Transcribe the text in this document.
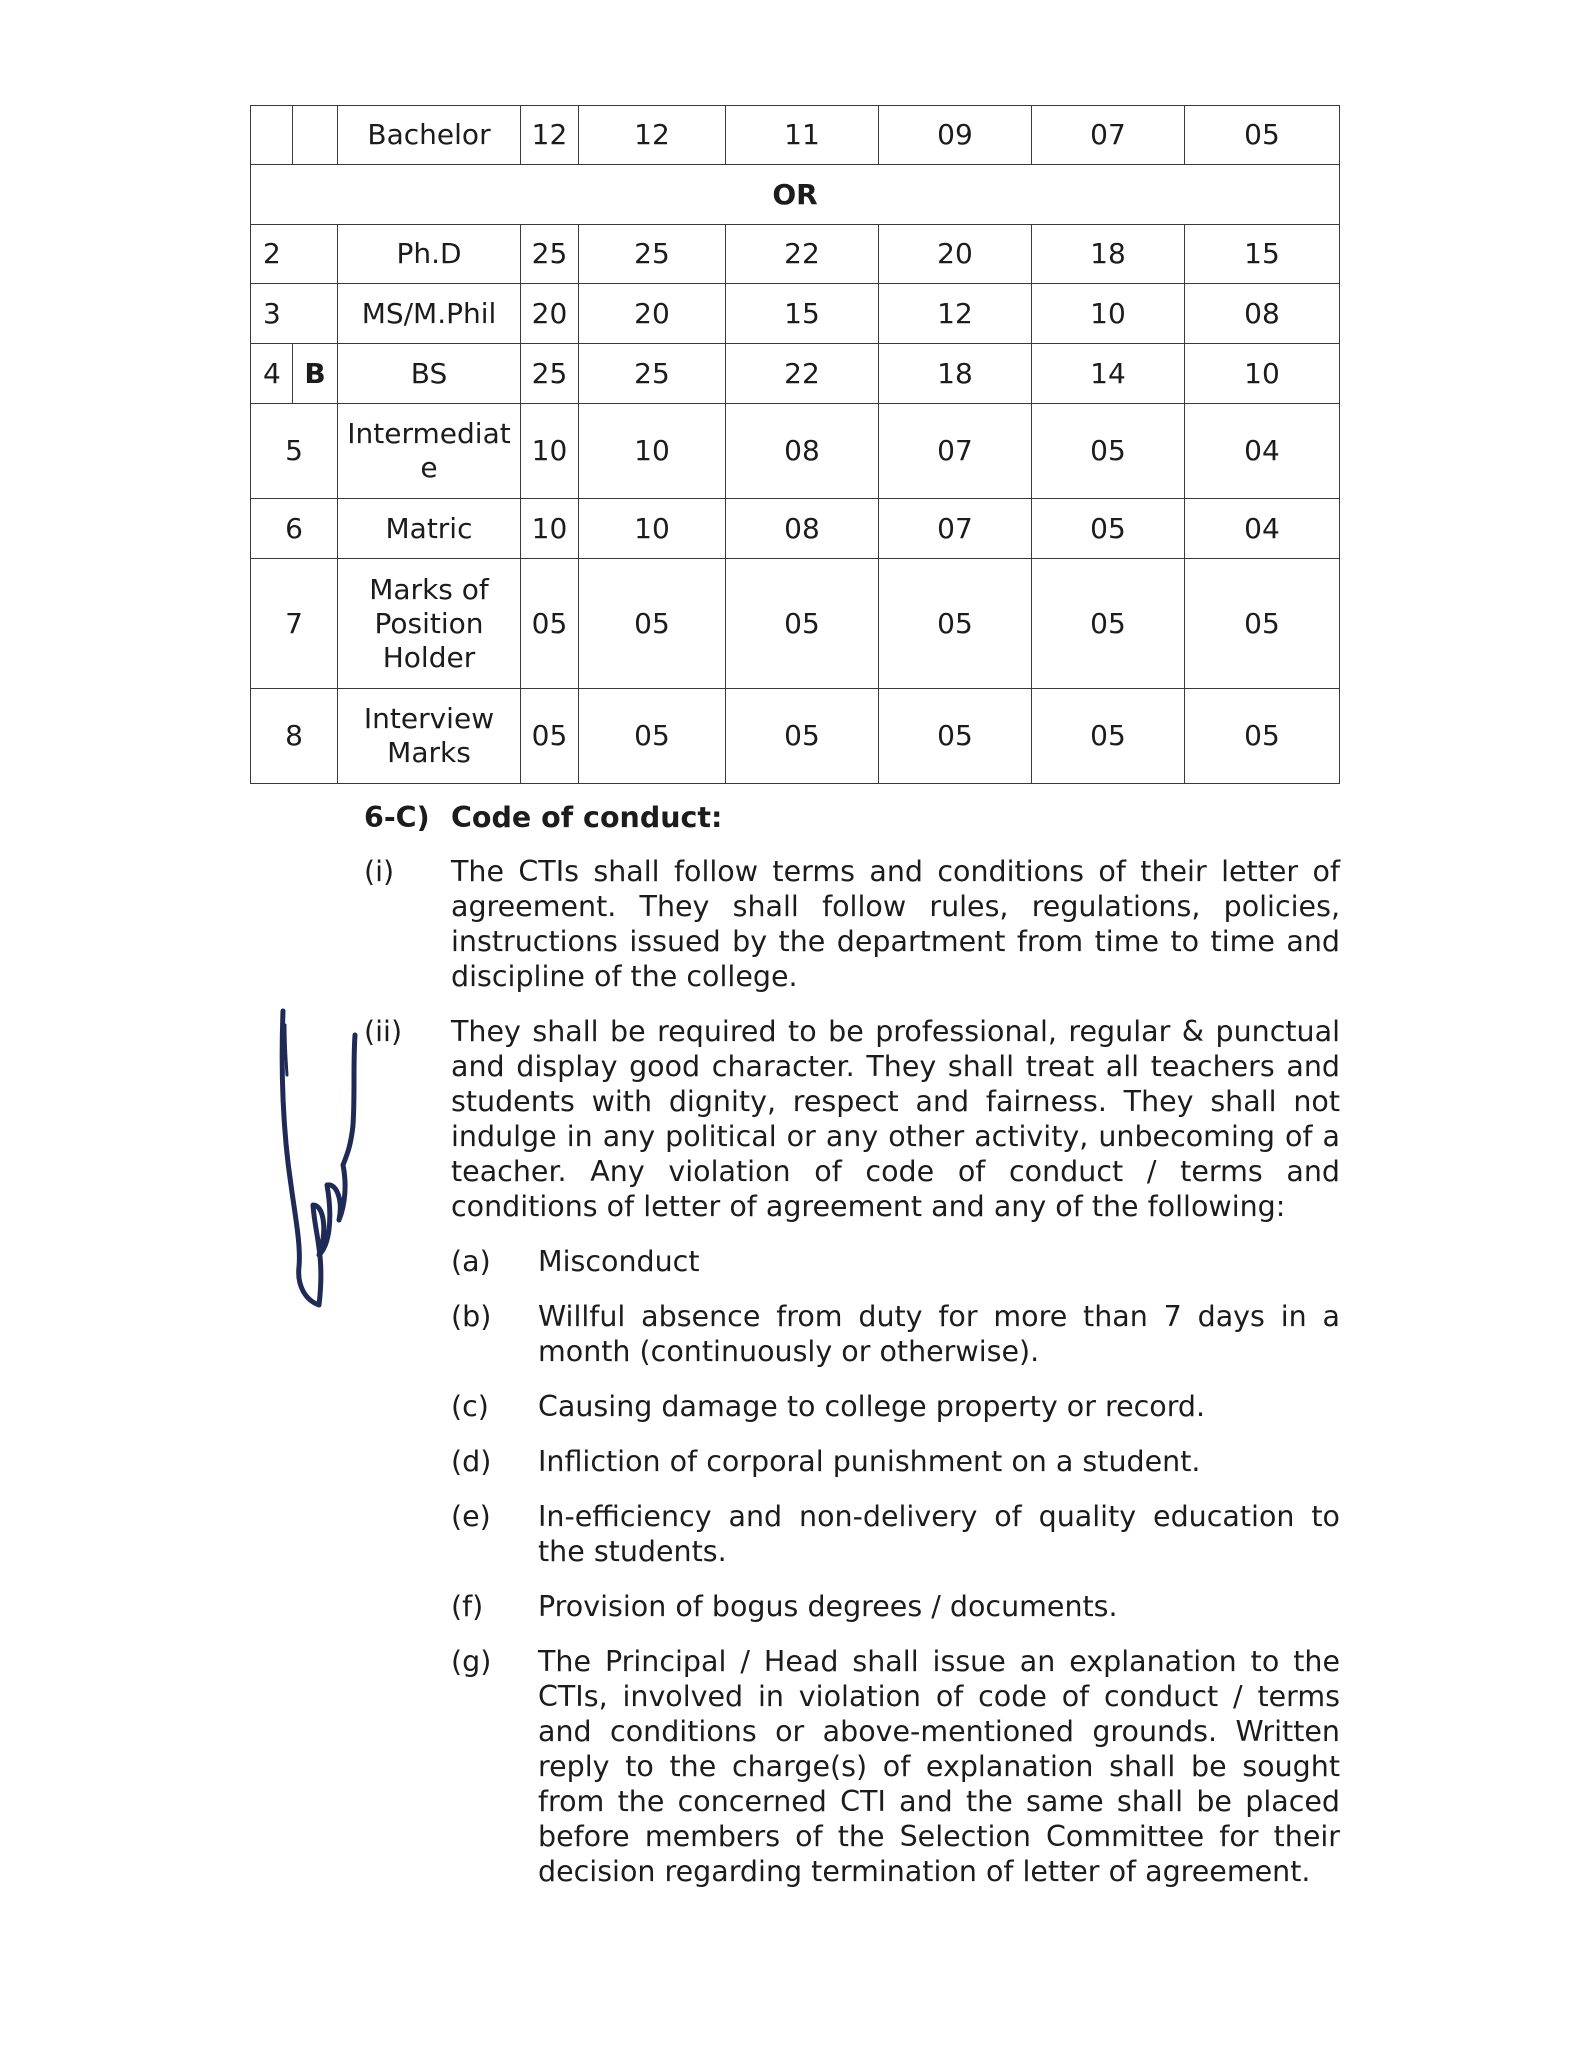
		Bachelor	12	12	11	09	07	05
OR								
2		Ph.D	25	25	22	20	18	15
3		MS/M.Phil	20	20	15	12	10	08
4	B	BS	25	25	22	18	14	10
5		Intermediat e	10	10	08	07	05	04
6		Matric	10	10	08	07	05	04
7		Marks of Position Holder	05	05	05	05	05	05
8		Interview Marks	05	05	05	05	05	05
6-C) Code of conduct:
(i)	The CTIs shall follow terms and conditions of their letter of agreement. They shall follow rules, regulations, policies, instructions issued by the department from time to time and discipline of the college.
(ii)	They shall be required to be professional, regular & punctual and display good character. They shall treat all teachers and students with dignity, respect and fairness. They shall not indulge in any political or any other activity, unbecoming of a teacher. Any violation of code of conduct / terms and conditions of letter of agreement and any of the following:
(a)	Misconduct
(b)	Willful absence from duty for more than 7 days in a month (continuously or otherwise).
(c)	Causing damage to college property or record.
(d)	Infliction of corporal punishment on a student.
(e)	In-efficiency and non-delivery of quality education to the students.
(f)	Provision of bogus degrees / documents.
(g)	The Principal / Head shall issue an explanation to the CTIs, involved in violation of code of conduct / terms and conditions or above-mentioned grounds. Written reply to the charge(s) of explanation shall be sought from the concerned CTI and the same shall be placed before members of the Selection Committee for their decision regarding termination of letter of agreement.
